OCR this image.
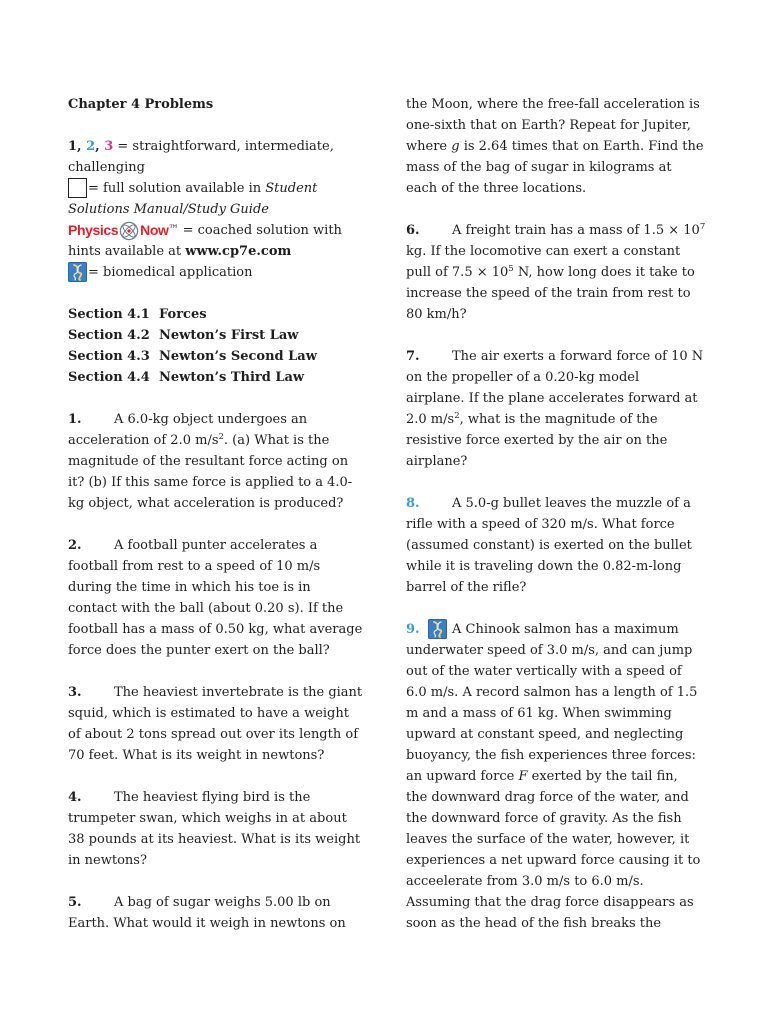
Chapter 4 Problems
1, 2, 3 = straightforward, intermediate,
challenging
= full solution available in Student
Solutions Manual/Study Guide
Physics Now™ = coached solution with
hints available at www.cp7e.com
= biomedical application
Section 4.1 Forces
Section 4.2 Newton’s First Law
Section 4.3 Newton’s Second Law
Section 4.4 Newton’s Third Law
1. A 6.0-kg object undergoes an
acceleration of 2.0 $m/s^2$. (a) What is the
magnitude of the resultant force acting on
it? (b) If this same force is applied to a 4.0-
kg object, what acceleration is produced?
2. A football punter accelerates a
football from rest to a speed of 10 m/s
during the time in which his toe is in
contact with the ball (about 0.20 s). If the
football has a mass of 0.50 kg, what average
force does the punter exert on the ball?
3. The heaviest invertebrate is the giant
squid, which is estimated to have a weight
of about 2 tons spread out over its length of
70 feet. What is its weight in newtons?
4. The heaviest flying bird is the
trumpeter swan, which weighs in at about
38 pounds at its heaviest. What is its weight
in newtons?
5. A bag of sugar weighs 5.00 lb on
Earth. What would it weigh in newtons on
the Moon, where the free-fall acceleration is
one-sixth that on Earth? Repeat for Jupiter,
where g is 2.64 times that on Earth. Find the
mass of the bag of sugar in kilograms at
each of the three locations.
6. A freight train has a mass of $1.5 \times 10^7$
kg. If the locomotive can exert a constant
pull of $7.5 \times 10^5$ N, how long does it take to
increase the speed of the train from rest to
80 km/h?
7. The air exerts a forward force of 10 N
on the propeller of a 0.20-kg model
airplane. If the plane accelerates forward at
2.0 $m/s^2$, what is the magnitude of the
resistive force exerted by the air on the
airplane?
8. A 5.0-g bullet leaves the muzzle of a
rifle with a speed of 320 m/s. What force
(assumed constant) is exerted on the bullet
while it is traveling down the 0.82-m-long
barrel of the rifle?
9. A Chinook salmon has a maximum
underwater speed of 3.0 m/s, and can jump
out of the water vertically with a speed of
6.0 m/s. A record salmon has a length of 1.5
m and a mass of 61 kg. When swimming
upward at constant speed, and neglecting
buoyancy, the fish experiences three forces:
an upward force F exerted by the tail fin,
the downward drag force of the water, and
the downward force of gravity. As the fish
leaves the surface of the water, however, it
experiences a net upward force causing it to
acceelerate from 3.0 m/s to 6.0 m/s.
Assuming that the drag force disappears as
soon as the head of the fish breaks the
